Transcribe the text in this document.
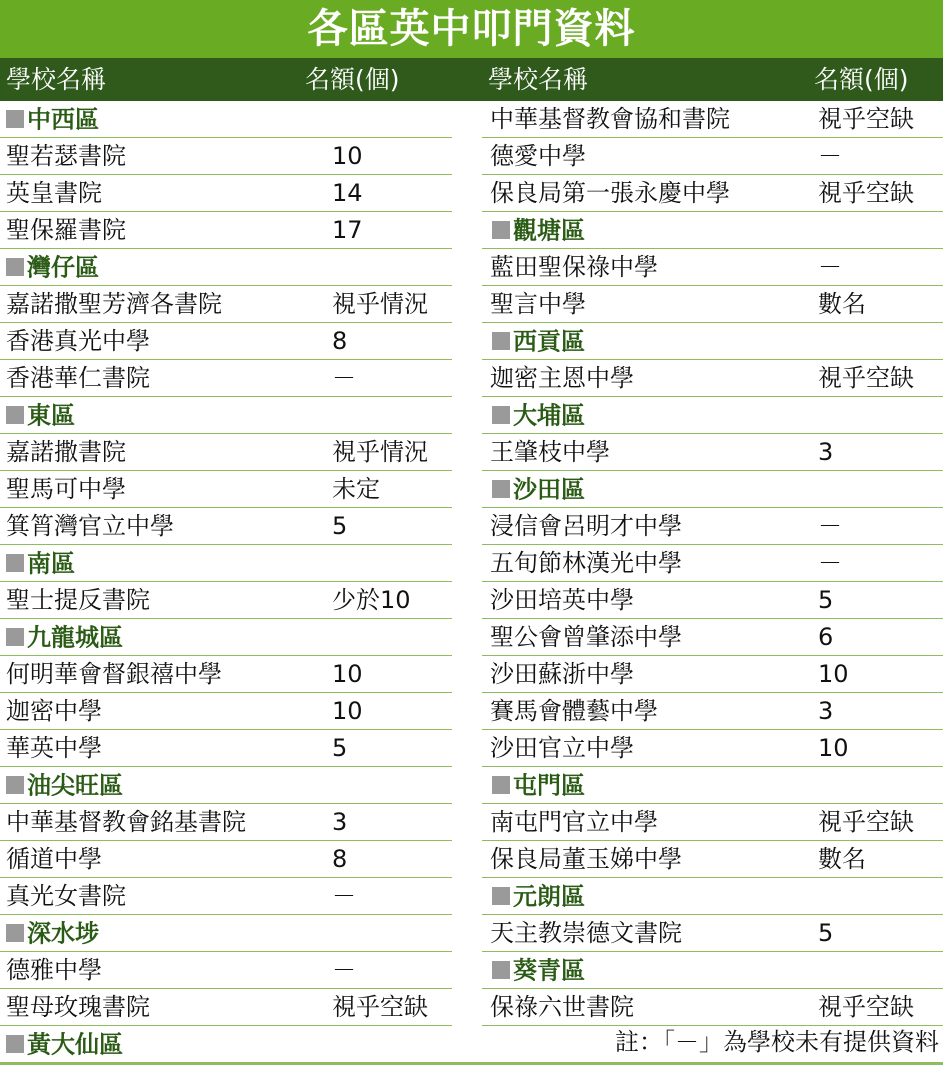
各區英中叩門資料
學校名稱	名額(個)	學校名稱	名額(個)
中西區
聖若瑟書院	10
英皇書院	14
聖保羅書院	17
灣仔區
嘉諾撒聖芳濟各書院	視乎情況
香港真光中學	8
香港華仁書院	－
東區
嘉諾撒書院	視乎情況
聖馬可中學	未定
箕筲灣官立中學	5
南區
聖士提反書院	少於10
九龍城區
何明華會督銀禧中學	10
迦密中學	10
華英中學	5
油尖旺區
中華基督教會銘基書院	3
循道中學	8
真光女書院	－
深水埗
德雅中學	－
聖母玫瑰書院	視乎空缺
黃大仙區
中華基督教會協和書院	視乎空缺
德愛中學	－
保良局第一張永慶中學	視乎空缺
觀塘區
藍田聖保祿中學	－
聖言中學	數名
西貢區
迦密主恩中學	視乎空缺
大埔區
王肇枝中學	3
沙田區
浸信會呂明才中學	－
五旬節林漢光中學	－
沙田培英中學	5
聖公會曾肇添中學	6
沙田蘇浙中學	10
賽馬會體藝中學	3
沙田官立中學	10
屯門區
南屯門官立中學	視乎空缺
保良局董玉娣中學	數名
元朗區
天主教崇德文書院	5
葵青區
保祿六世書院	視乎空缺
註：「－」為學校未有提供資料
